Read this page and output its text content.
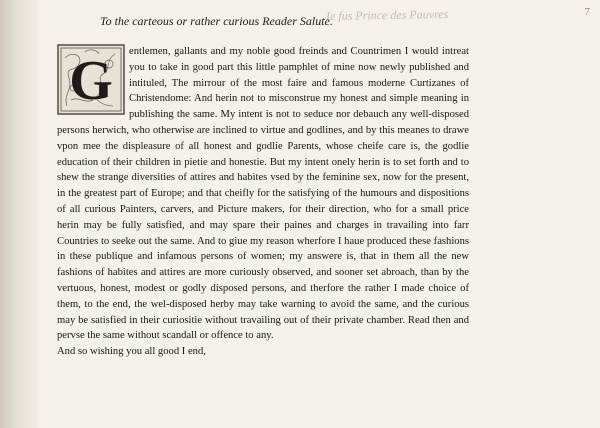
7
Ie fus Prince des Pauvres
To the carteous or rather curious Reader Salute.
G	entlemen, gallants and my noble good freinds and Countrimen I would intreat you to take in good part this little pamphlet of mine now newly published and intituled, The mirrour of the most faire and famous moderne Curtizanes of Christendome: And herin not to misconstrue my honest and simple meaning in publishing the same. My intent is not to seduce nor debauch any well-disposed persons herwich, who otherwise are inclined to virtue and godlines, and by this meanes to drawe vpon mee the displeasure of all honest and godlie Parents, whose cheife care is, the godlie education of their children in pietie and honestie. But my intent onely herin is to set forth and to shew the strange diversities of attires and habites vsed by the feminine sex, now for the present, in the greatest part of Europe; and that cheifly for the satisfying of the humours and dispositions of all curious Painters, carvers, and Picture makers, for their direction, who for a small price herin may be fully satisfied, and may spare their paines and charges in travailing into farr Countries to seeke out the same. And to giue my reason wherfore I haue produced these fashions in these publique and infamous persons of women; my answere is, that in them all the new fashions of habites and attires are more curiously observed, and sooner set abroach, than by the vertuous, honest, modest or godly disposed persons, and therfore the rather I made choice of them, to the end, the wel-disposed herby may take warning to avoid the same, and the curious may be satisfied in their curiositie without travailing out of their private chamber. Read then and pervse the same without scandall or offence to any.

And so wishing you all good I end,
